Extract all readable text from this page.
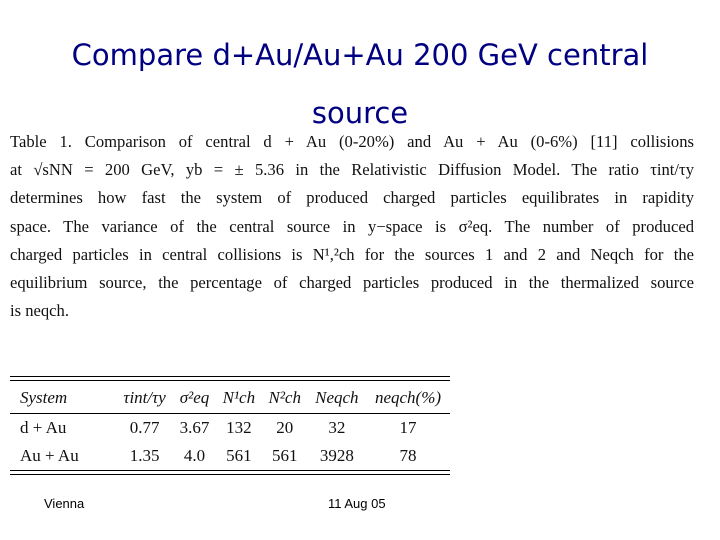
Compare d+Au/Au+Au 200 GeV central
source
Table 1. Comparison of central d + Au (0-20%) and Au + Au (0-6%) [11] collisions
at √sNN = 200 GeV, yb = ± 5.36 in the Relativistic Diffusion Model. The ratio τint/τy
determines how fast the system of produced charged particles equilibrates in rapidity
space. The variance of the central source in y−space is σ²eq. The number of produced
charged particles in central collisions is N¹,²ch for the sources 1 and 2 and Neqch for the
equilibrium source, the percentage of charged particles produced in the thermalized source
is neqch.
System	τint/τy	σ²eq	N¹ch	N²ch	Neqch	neqch(%)
d + Au	0.77	3.67	132	20	32	17
Au + Au	1.35	4.0	561	561	3928	78
Vienna	11 Aug 05
